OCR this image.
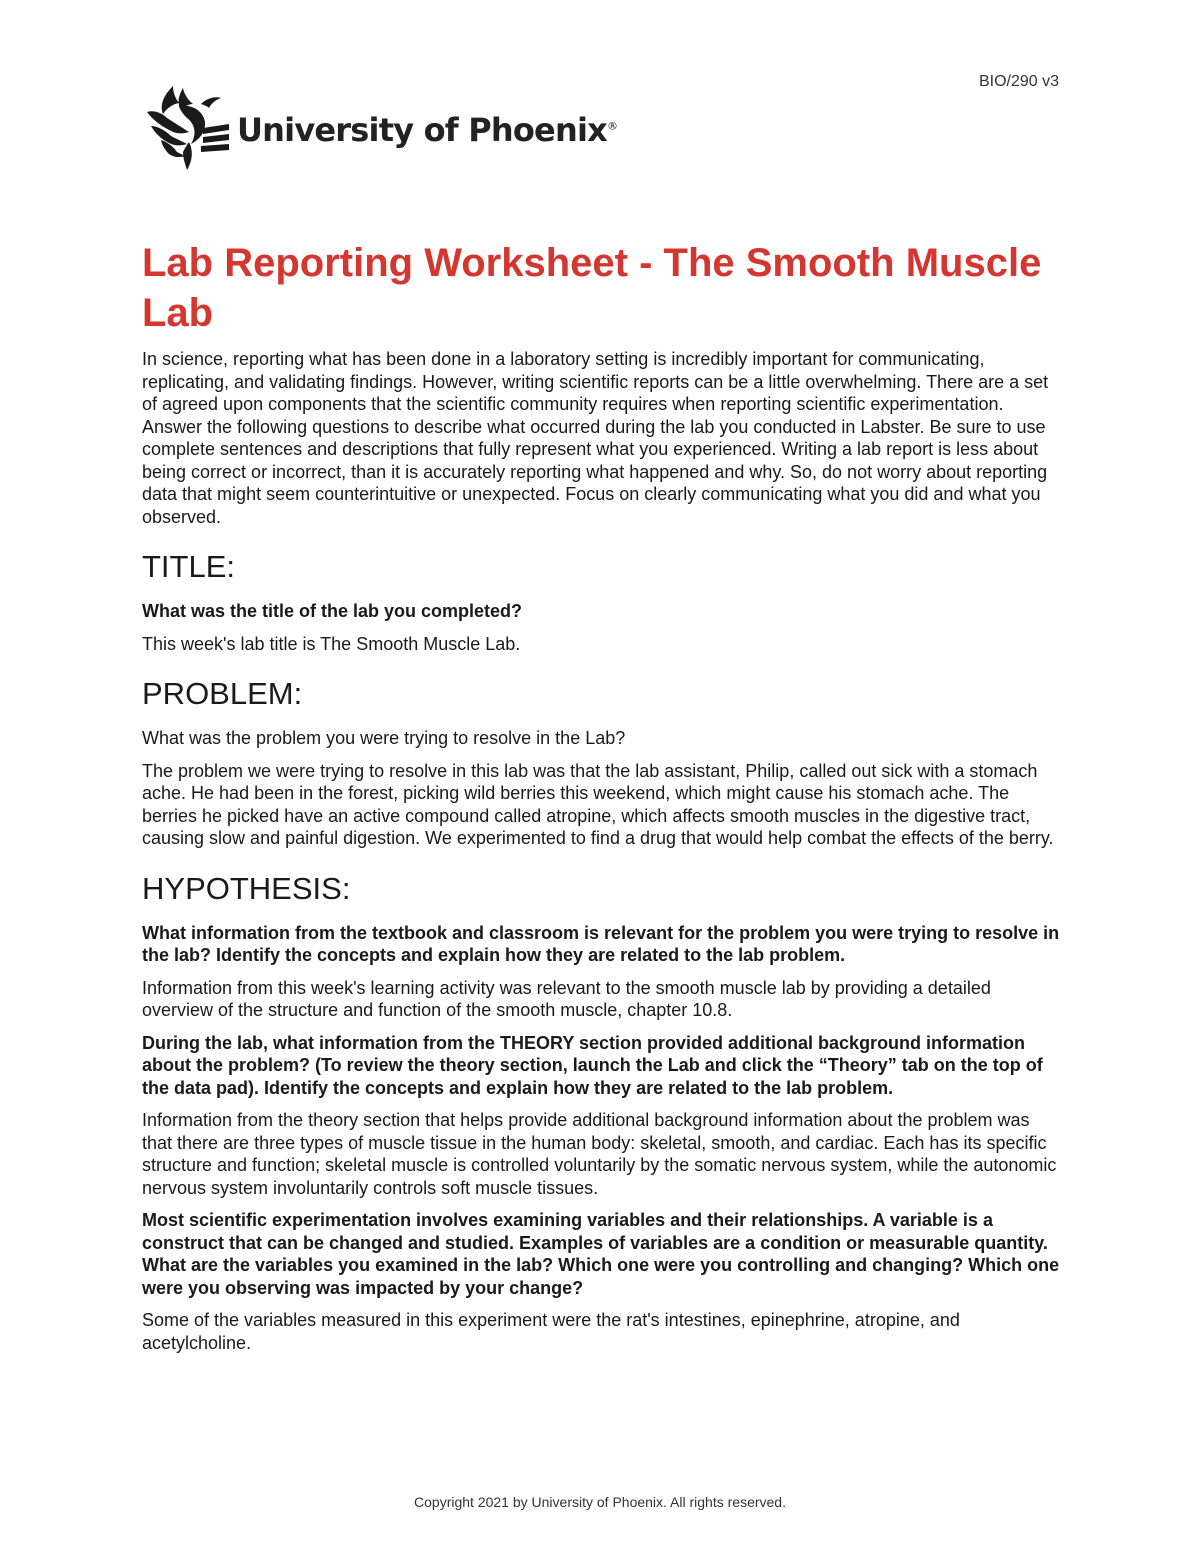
BIO/290 v3
University of Phoenix®
Lab Reporting Worksheet - The Smooth Muscle Lab

In science, reporting what has been done in a laboratory setting is incredibly important for communicating, replicating, and validating findings. However, writing scientific reports can be a little overwhelming. There are a set of agreed upon components that the scientific community requires when reporting scientific experimentation. Answer the following questions to describe what occurred during the lab you conducted in Labster. Be sure to use complete sentences and descriptions that fully represent what you experienced. Writing a lab report is less about being correct or incorrect, than it is accurately reporting what happened and why. So, do not worry about reporting data that might seem counterintuitive or unexpected. Focus on clearly communicating what you did and what you observed.

TITLE:

What was the title of the lab you completed?

This week's lab title is The Smooth Muscle Lab.

PROBLEM:

What was the problem you were trying to resolve in the Lab?

The problem we were trying to resolve in this lab was that the lab assistant, Philip, called out sick with a stomach ache. He had been in the forest, picking wild berries this weekend, which might cause his stomach ache. The berries he picked have an active compound called atropine, which affects smooth muscles in the digestive tract, causing slow and painful digestion. We experimented to find a drug that would help combat the effects of the berry.

HYPOTHESIS:

What information from the textbook and classroom is relevant for the problem you were trying to resolve in the lab? Identify the concepts and explain how they are related to the lab problem.

Information from this week's learning activity was relevant to the smooth muscle lab by providing a detailed overview of the structure and function of the smooth muscle, chapter 10.8.

During the lab, what information from the THEORY section provided additional background information about the problem? (To review the theory section, launch the Lab and click the “Theory” tab on the top of the data pad). Identify the concepts and explain how they are related to the lab problem.

Information from the theory section that helps provide additional background information about the problem was that there are three types of muscle tissue in the human body: skeletal, smooth, and cardiac. Each has its specific structure and function; skeletal muscle is controlled voluntarily by the somatic nervous system, while the autonomic nervous system involuntarily controls soft muscle tissues.

Most scientific experimentation involves examining variables and their relationships. A variable is a construct that can be changed and studied. Examples of variables are a condition or measurable quantity. What are the variables you examined in the lab? Which one were you controlling and changing? Which one were you observing was impacted by your change?

Some of the variables measured in this experiment were the rat's intestines, epinephrine, atropine, and acetylcholine.

Copyright 2021 by University of Phoenix. All rights reserved.
